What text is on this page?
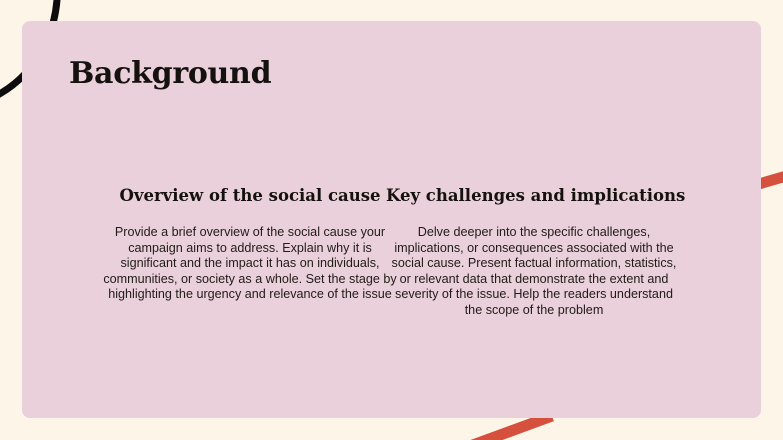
Background
Overview of the social cause

Provide a brief overview of the social cause your campaign aims to address. Explain why it is significant and the impact it has on individuals, communities, or society as a whole. Set the stage by highlighting the urgency and relevance of the issue

Key challenges and implications

Delve deeper into the specific challenges, implications, or consequences associated with the social cause. Present factual information, statistics, or relevant data that demonstrate the extent and severity of the issue. Help the readers understand the scope of the problem
